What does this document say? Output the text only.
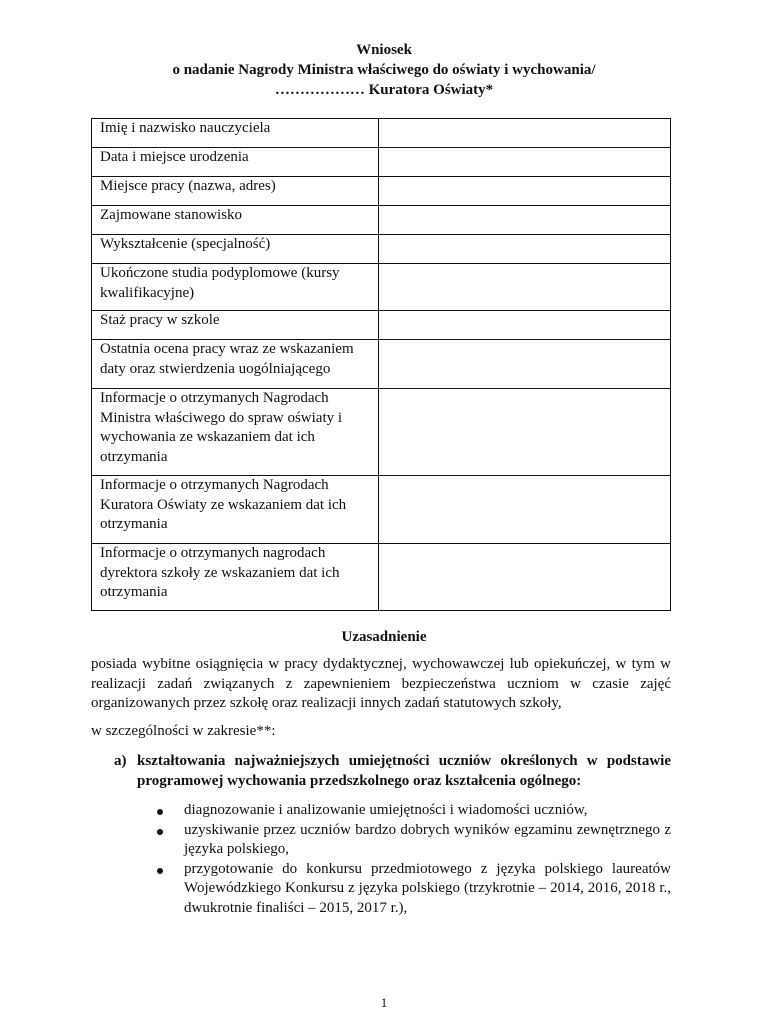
Wniosek
o nadanie Nagrody Ministra właściwego do oświaty i wychowania/
……………… Kuratora Oświaty*
Imię i nazwisko nauczyciela	
Data i miejsce urodzenia	
Miejsce pracy (nazwa, adres)	
Zajmowane stanowisko	
Wykształcenie (specjalność)	
Ukończone studia podyplomowe (kursy kwalifikacyjne)	
Staż pracy w szkole	
Ostatnia ocena pracy wraz ze wskazaniem daty oraz stwierdzenia uogólniającego	
Informacje o otrzymanych Nagrodach Ministra właściwego do spraw oświaty i wychowania ze wskazaniem dat ich otrzymania	
Informacje o otrzymanych Nagrodach Kuratora Oświaty ze wskazaniem dat ich otrzymania	
Informacje o otrzymanych nagrodach dyrektora szkoły ze wskazaniem dat ich otrzymania	
Uzasadnienie
posiada wybitne osiągnięcia w pracy dydaktycznej, wychowawczej lub opiekuńczej, w tym w realizacji zadań związanych z zapewnieniem bezpieczeństwa uczniom w czasie zajęć organizowanych przez szkołę oraz realizacji innych zadań statutowych szkoły,
w szczególności w zakresie**:
a) kształtowania najważniejszych umiejętności uczniów określonych w podstawie programowej wychowania przedszkolnego oraz kształcenia ogólnego:
diagnozowanie i analizowanie umiejętności i wiadomości uczniów,
uzyskiwanie przez uczniów bardzo dobrych wyników egzaminu zewnętrznego z języka polskiego,
przygotowanie do konkursu przedmiotowego z języka polskiego laureatów Wojewódzkiego Konkursu z języka polskiego (trzykrotnie – 2014, 2016, 2018 r., dwukrotnie finaliści – 2015, 2017 r.),
1
